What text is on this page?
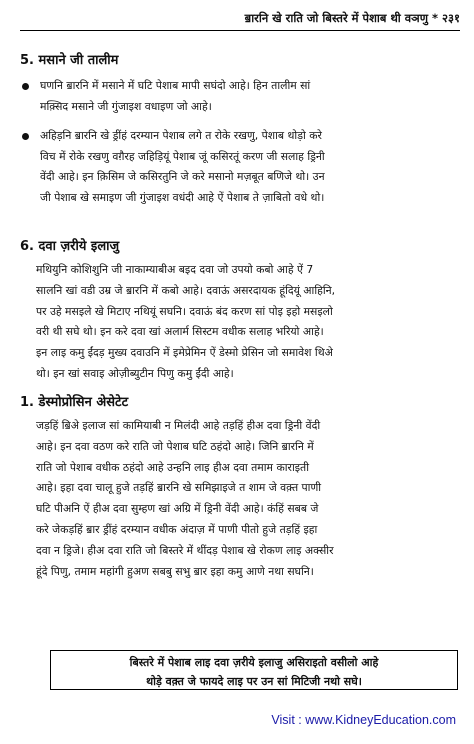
ॿारनि खे राति जो बिस्तरे में पेशाब थी वञणु * २३१
5. मसाने जी तालीम
घणनि ॿारनि में मसाने में घटि पेशाब मापी सघंदो आहे। हिन तालीम सां
मक़्सिद मसाने जी गुंजाइश वधाइण जो आहे।
अहिड़नि ॿारनि खे ड्रींहं दरम्यान पेशाब लगे त रोके रखणु, पेशाब थोड़ो करे
विच में रोके रखणु वग़ैरह जहिड़ियूं पेशाब जूं कसिरतूं करण जी सलाह ड्रिनी
वेंदी आहे। इन क़िसिम जे कसिरतुनि जे करे मसानो मज़बूत बणिजे थो। उन
जी पेशाब खे समाइण जी गुंजाइश वधंदी आहे ऐं पेशाब ते ज़ाबितो वधे थो।
6. दवा ज़रीये इलाजु
मथियुनि कोशिशुनि जी नाकाम्याबीअ बइद दवा जो उपयो कबो आहे ऐं 7
सालनि खां वडी उम्र जे ॿारनि में कबो आहे। दवाऊं असरदायक हूंदियूं आहिनि,
पर उहे मसइले खे मिटाए नथियूं सघनि। दवाऊं बंद करण सां पोइ इहो मसइलो
वरी थी सघे थो। इन करे दवा खां अलार्म सिस्टम वधीक सलाह भरियो आहे।
इन लाइ कमु ईंदड़ मुख्य दवाउनि में इमेप्रेमिन ऐं डेस्मो प्रेसिन जो समावेश थिअे
थो। इन खां सवाइ ओज़ीब्युटीन पिणु कमु ईंदी आहे।
1. डेस्मोप्रोसिन अेसेटेट
जड़हिं ॿिअे इलाज सां कामियाबी न मिलंदी आहे तड़हिं हीअ दवा ड्रिनी वेंदी
आहे। इन दवा वठण करे राति जो पेशाब घटि ठहंदो आहे। जिनि ॿारनि में
राति जो पेशाब वधीक ठहंदो आहे उन्हनि लाइ हीअ दवा तमाम काराइती
आहे। इहा दवा चालू हुजे तड़हिं ॿारनि खे समिझाइजे त शाम जे वक़्त पाणी
घटि पीअनि ऐं हीअ दवा सुम्हण खां अग्रि में ड्रिनी वेंदी आहे। कंहिं सबब जे
करे जेकड़हिं ॿार ड्रींहं दरम्यान वधीक अंदाज़ में पाणी पीतो हुजे तड़हिं इहा
दवा न ड्रिजे। हीअ दवा राति जो बिस्तरे में थींदड़ पेशाब खे रोकण लाइ अक्सीर
हूंदे पिणु, तमाम महांगी हुअण सबबु सभु ॿार इहा कमु आणे नथा सघनि।
बिस्तरे में पेशाब लाइ दवा ज़रीये इलाजु असिराइतो वसीलो आहे
थोड़े वक़्त जे फायदे लाइ पर उन सां मिटिजी नथो सघे।
Visit : www.KidneyEducation.com
